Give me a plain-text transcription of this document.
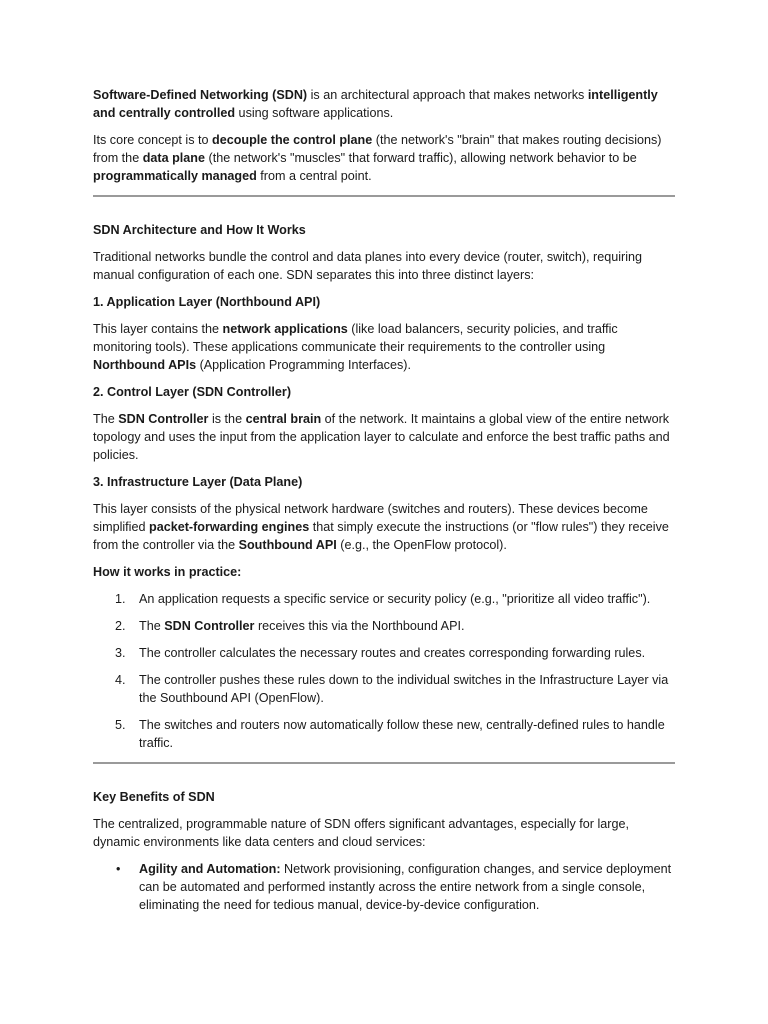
Software-Defined Networking (SDN) is an architectural approach that makes networks intelligently and centrally controlled using software applications.

Its core concept is to decouple the control plane (the network's "brain" that makes routing decisions) from the data plane (the network's "muscles" that forward traffic), allowing network behavior to be programmatically managed from a central point.

SDN Architecture and How It Works

Traditional networks bundle the control and data planes into every device (router, switch), requiring manual configuration of each one. SDN separates this into three distinct layers:

1. Application Layer (Northbound API)

This layer contains the network applications (like load balancers, security policies, and traffic monitoring tools). These applications communicate their requirements to the controller using Northbound APIs (Application Programming Interfaces).

2. Control Layer (SDN Controller)

The SDN Controller is the central brain of the network. It maintains a global view of the entire network topology and uses the input from the application layer to calculate and enforce the best traffic paths and policies.

3. Infrastructure Layer (Data Plane)

This layer consists of the physical network hardware (switches and routers). These devices become simplified packet-forwarding engines that simply execute the instructions (or "flow rules") they receive from the controller via the Southbound API (e.g., the OpenFlow protocol).

How it works in practice:
1. An application requests a specific service or security policy (e.g., "prioritize all video traffic").
2. The SDN Controller receives this via the Northbound API.
3. The controller calculates the necessary routes and creates corresponding forwarding rules.
4. The controller pushes these rules down to the individual switches in the Infrastructure Layer via the Southbound API (OpenFlow).
5. The switches and routers now automatically follow these new, centrally-defined rules to handle traffic.
Key Benefits of SDN

The centralized, programmable nature of SDN offers significant advantages, especially for large, dynamic environments like data centers and cloud services:

• Agility and Automation: Network provisioning, configuration changes, and service deployment can be automated and performed instantly across the entire network from a single console, eliminating the need for tedious manual, device-by-device configuration.
